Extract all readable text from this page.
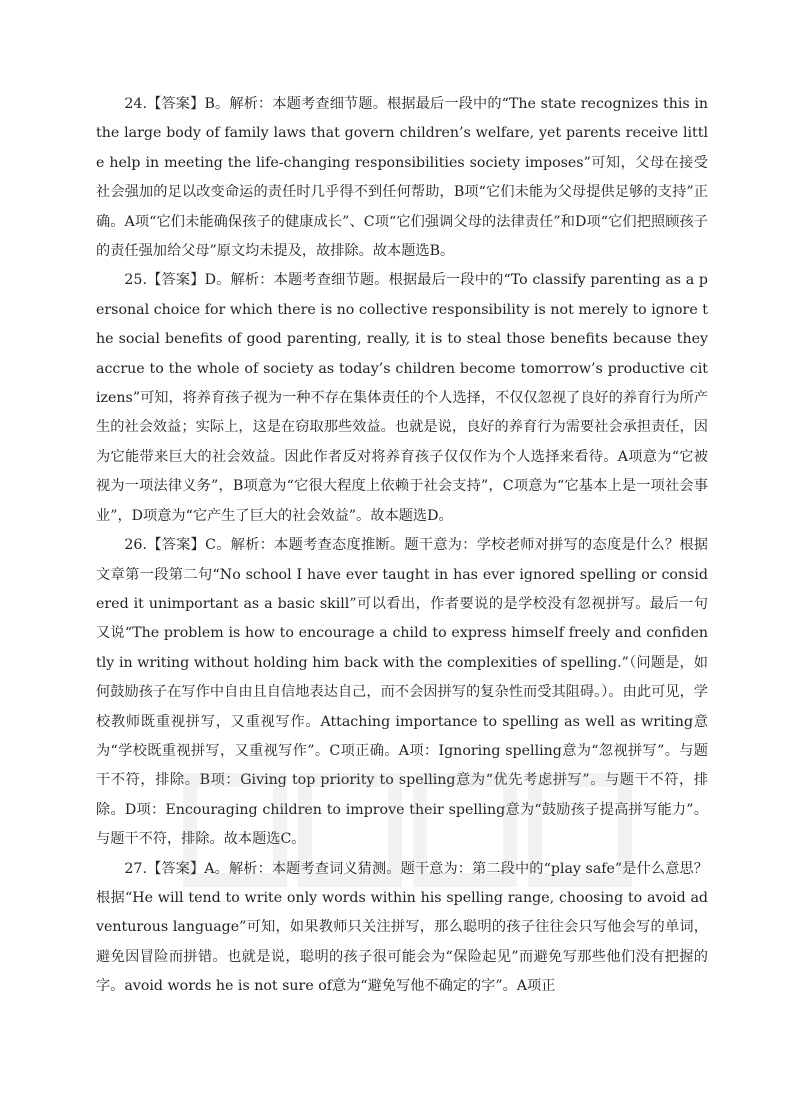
24.【答案】B。解析：本题考查细节题。根据最后一段中的“The state recognizes this in the large body of family laws that govern children’s welfare, yet parents receive little help in meeting the life-changing responsibilities society imposes”可知，父母在接受社会强加的足以改变命运的责任时几乎得不到任何帮助，B项“它们未能为父母提供足够的支持”正确。A项“它们未能确保孩子的健康成长”、C项“它们强调父母的法律责任”和D项“它们把照顾孩子的责任强加给父母”原文均未提及，故排除。故本题选B。

25.【答案】D。解析：本题考查细节题。根据最后一段中的“To classify parenting as a personal choice for which there is no collective responsibility is not merely to ignore the social benefits of good parenting, really, it is to steal those benefits because they accrue to the whole of society as today’s children become tomorrow’s productive citizens”可知，将养育孩子视为一种不存在集体责任的个人选择，不仅仅忽视了良好的养育行为所产生的社会效益；实际上，这是在窃取那些效益。也就是说，良好的养育行为需要社会承担责任，因为它能带来巨大的社会效益。因此作者反对将养育孩子仅仅作为个人选择来看待。A项意为“它被视为一项法律义务”，B项意为“它很大程度上依赖于社会支持”，C项意为“它基本上是一项社会事业”，D项意为“它产生了巨大的社会效益”。故本题选D。

26.【答案】C。解析：本题考查态度推断。题干意为：学校老师对拼写的态度是什么？根据文章第一段第二句“No school I have ever taught in has ever ignored spelling or considered it unimportant as a basic skill”可以看出，作者要说的是学校没有忽视拼写。最后一句又说“The problem is how to encourage a child to express himself freely and confidently in writing without holding him back with the complexities of spelling.”（问题是，如何鼓励孩子在写作中自由且自信地表达自己，而不会因拼写的复杂性而受其阻碍。）。由此可见，学校教师既重视拼写，又重视写作。Attaching importance to spelling as well as writing意为“学校既重视拼写，又重视写作”。C项正确。A项：Ignoring spelling意为“忽视拼写”。与题干不符，排除。B项：Giving top priority to spelling意为“优先考虑拼写”。与题干不符，排除。D项：Encouraging children to improve their spelling意为“鼓励孩子提高拼写能力”。与题干不符，排除。故本题选C。

27.【答案】A。解析：本题考查词义猜测。题干意为：第二段中的“play safe”是什么意思？根据“He will tend to write only words within his spelling range, choosing to avoid adventurous language”可知，如果教师只关注拼写，那么聪明的孩子往往会只写他会写的单词，避免因冒险而拼错。也就是说，聪明的孩子很可能会为“保险起见”而避免写那些他们没有把握的字。avoid words he is not sure of意为“避免写他不确定的字”。A项正
